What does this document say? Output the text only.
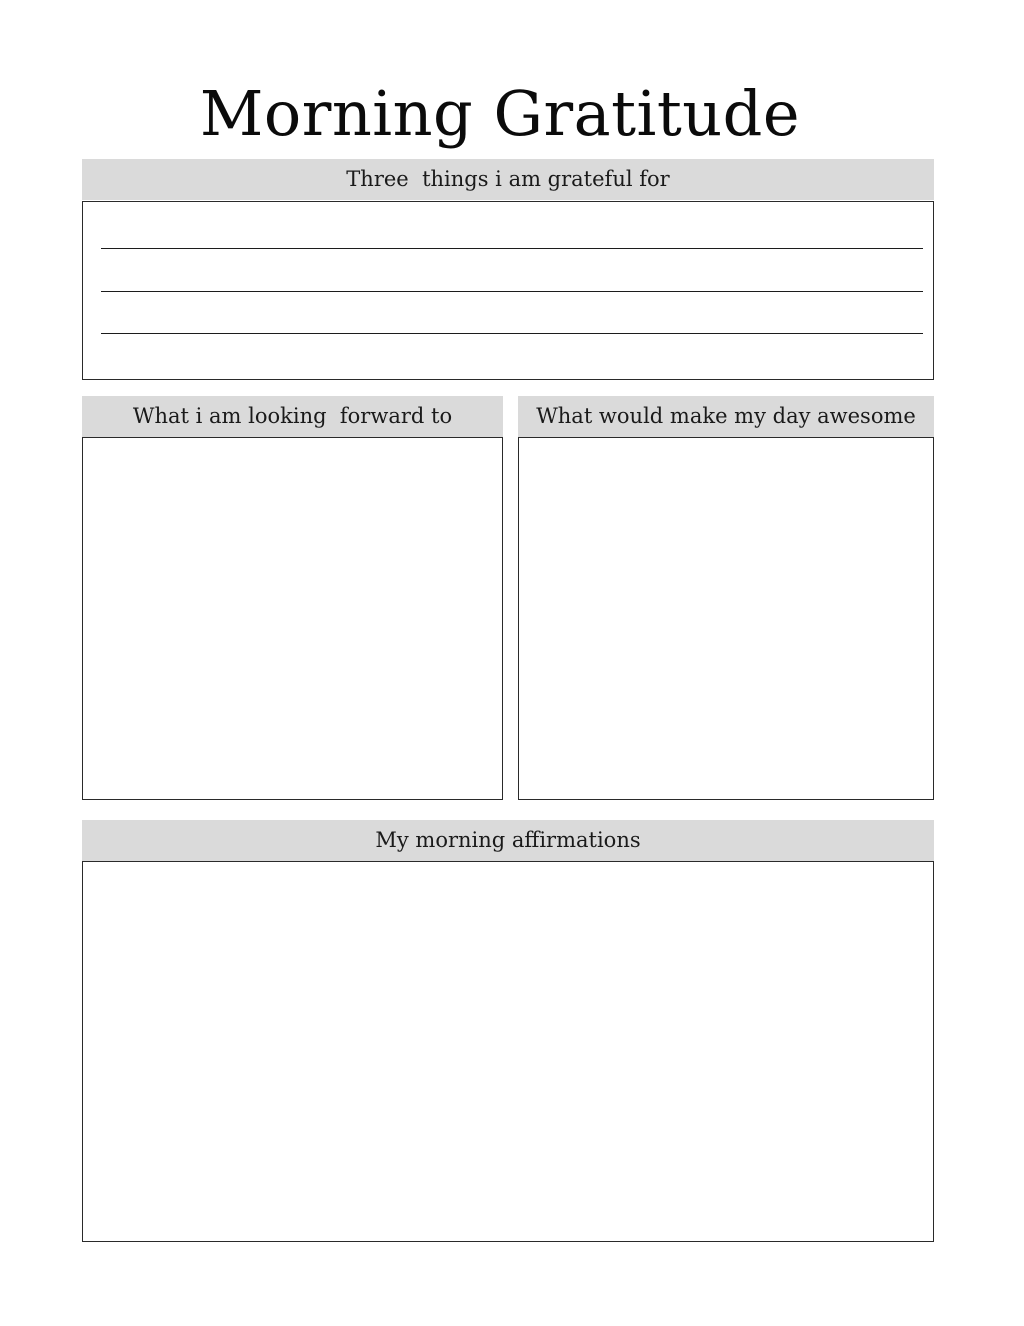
Morning Gratitude
Three  things i am grateful for
What i am looking  forward to	What would make my day awesome
My morning affirmations
